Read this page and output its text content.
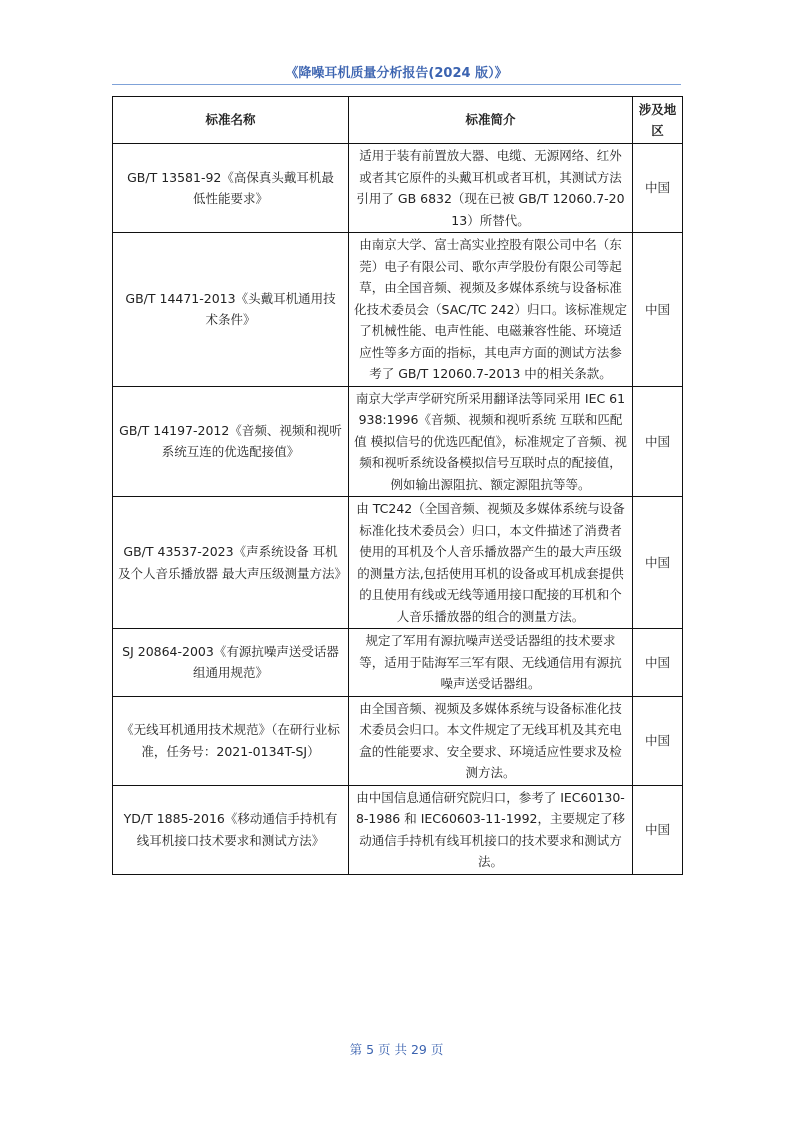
《降噪耳机质量分析报告(2024 版）》
标准名称	标准简介	涉及地区
GB/T 13581-92《高保真头戴耳机最低性能要求》	适用于装有前置放大器、电缆、无源网络、红外或者其它原件的头戴耳机或者耳机，其测试方法引用了 GB 6832（现在已被 GB/T 12060.7-2013）所替代。	中国
GB/T 14471-2013《头戴耳机通用技术条件》	由南京大学、富士高实业控股有限公司中名（东莞）电子有限公司、歌尔声学股份有限公司等起草，由全国音频、视频及多媒体系统与设备标准化技术委员会（SAC/TC 242）归口。该标准规定了机械性能、电声性能、电磁兼容性能、环境适应性等多方面的指标，其电声方面的测试方法参考了 GB/T 12060.7-2013 中的相关条款。	中国
GB/T 14197-2012《音频、视频和视听系统互连的优选配接值》	南京大学声学研究所采用翻译法等同采用 IEC 61938:1996《音频、视频和视听系统 互联和匹配值 模拟信号的优选匹配值》，标准规定了音频、视频和视听系统设备模拟信号互联时点的配接值，例如输出源阻抗、额定源阻抗等等。	中国
GB/T 43537-2023《声系统设备 耳机及个人音乐播放器 最大声压级测量方法》	由 TC242（全国音频、视频及多媒体系统与设备标准化技术委员会）归口，本文件描述了消费者使用的耳机及个人音乐播放器产生的最大声压级的测量方法,包括使用耳机的设备或耳机成套提供的且使用有线或无线等通用接口配接的耳机和个人音乐播放器的组合的测量方法。	中国
SJ 20864-2003《有源抗噪声送受话器组通用规范》	规定了军用有源抗噪声送受话器组的技术要求等，适用于陆海军三军有限、无线通信用有源抗噪声送受话器组。	中国
《无线耳机通用技术规范》（在研行业标准，任务号：2021-0134T-SJ）	由全国音频、视频及多媒体系统与设备标准化技术委员会归口。本文件规定了无线耳机及其充电盒的性能要求、安全要求、环境适应性要求及检测方法。	中国
YD/T 1885-2016《移动通信手持机有线耳机接口技术要求和测试方法》	由中国信息通信研究院归口，参考了 IEC60130-8-1986 和 IEC60603-11-1992，主要规定了移动通信手持机有线耳机接口的技术要求和测试方法。	中国
第 5 页 共 29 页
